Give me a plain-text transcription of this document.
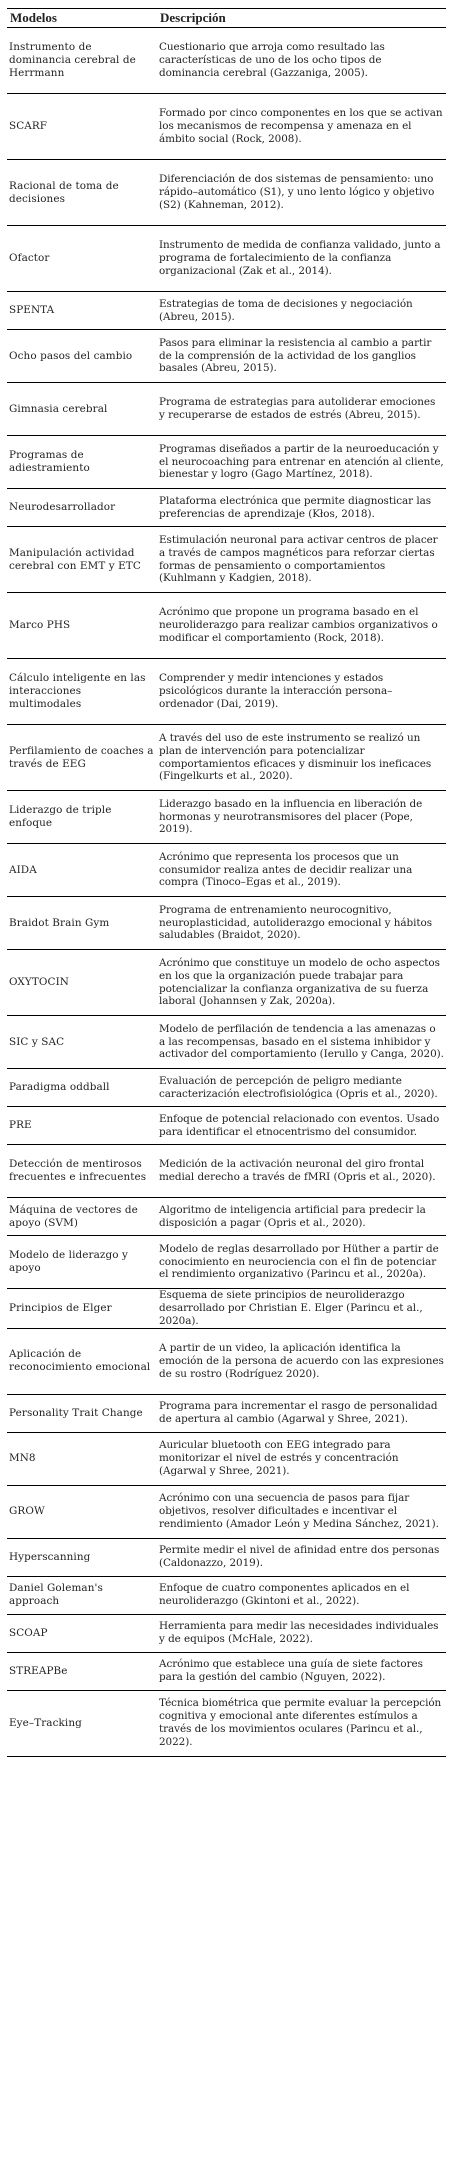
Modelos	Descripción
Instrumento de dominancia cerebral de Herrmann	Cuestionario que arroja como resultado las características de uno de los ocho tipos de dominancia cerebral (Gazzaniga, 2005).
SCARF	Formado por cinco componentes en los que se activan los mecanismos de recompensa y amenaza en el ámbito social (Rock, 2008).
Racional de toma de decisiones	Diferenciación de dos sistemas de pensamiento: uno rápido–automático (S1), y uno lento lógico y objetivo (S2) (Kahneman, 2012).
Ofactor	Instrumento de medida de confianza validado, junto a programa de fortalecimiento de la confianza organizacional (Zak et al., 2014).
SPENTA	Estrategias de toma de decisiones y negociación (Abreu, 2015).
Ocho pasos del cambio	Pasos para eliminar la resistencia al cambio a partir de la comprensión de la actividad de los ganglios basales (Abreu, 2015).
Gimnasia cerebral	Programa de estrategias para autoliderar emociones y recuperarse de estados de estrés (Abreu, 2015).
Programas de adiestramiento	Programas diseñados a partir de la neuroeducación y el neurocoaching para entrenar en atención al cliente, bienestar y logro (Gago Martínez, 2018).
Neurodesarrollador	Plataforma electrónica que permite diagnosticar las preferencias de aprendizaje (Kłos, 2018).
Manipulación actividad cerebral con EMT y ETC	Estimulación neuronal para activar centros de placer a través de campos magnéticos para reforzar ciertas formas de pensamiento o comportamientos (Kuhlmann y Kadgien, 2018).
Marco PHS	Acrónimo que propone un programa basado en el neuroliderazgo para realizar cambios organizativos o modificar el comportamiento (Rock, 2018).
Cálculo inteligente en las interacciones multimodales	Comprender y medir intenciones y estados psicológicos durante la interacción persona–ordenador (Dai, 2019).
Perfilamiento de coaches a través de EEG	A través del uso de este instrumento se realizó un plan de intervención para potencializar comportamientos eficaces y disminuir los ineficaces (Fingelkurts et al., 2020).
Liderazgo de triple enfoque	Liderazgo basado en la influencia en liberación de hormonas y neurotransmisores del placer (Pope, 2019).
AIDA	Acrónimo que representa los procesos que un consumidor realiza antes de decidir realizar una compra (Tinoco–Egas et al., 2019).
Braidot Brain Gym	Programa de entrenamiento neurocognitivo, neuroplasticidad, autoliderazgo emocional y hábitos saludables (Braidot, 2020).
OXYTOCIN	Acrónimo que constituye un modelo de ocho aspectos en los que la organización puede trabajar para potencializar la confianza organizativa de su fuerza laboral (Johannsen y Zak, 2020a).
SIC y SAC	Modelo de perfilación de tendencia a las amenazas o a las recompensas, basado en el sistema inhibidor y activador del comportamiento (Ierullo y Canga, 2020).
Paradigma oddball	Evaluación de percepción de peligro mediante caracterización electrofisiológica (Opris et al., 2020).
PRE	Enfoque de potencial relacionado con eventos. Usado para identificar el etnocentrismo del consumidor.
Detección de mentirosos frecuentes e infrecuentes	Medición de la activación neuronal del giro frontal medial derecho a través de fMRI (Opris et al., 2020).
Máquina de vectores de apoyo (SVM)	Algoritmo de inteligencia artificial para predecir la disposición a pagar (Opris et al., 2020).
Modelo de liderazgo y apoyo	Modelo de reglas desarrollado por Hüther a partir de conocimiento en neurociencia con el fin de potenciar el rendimiento organizativo (Parincu et al., 2020a).
Principios de Elger	Esquema de siete principios de neuroliderazgo desarrollado por Christian E. Elger (Parincu et al., 2020a).
Aplicación de reconocimiento emocional	A partir de un video, la aplicación identifica la emoción de la persona de acuerdo con las expresiones de su rostro (Rodríguez 2020).
Personality Trait Change	Programa para incrementar el rasgo de personalidad de apertura al cambio (Agarwal y Shree, 2021).
MN8	Auricular bluetooth con EEG integrado para monitorizar el nivel de estrés y concentración (Agarwal y Shree, 2021).
GROW	Acrónimo con una secuencia de pasos para fijar objetivos, resolver dificultades e incentivar el rendimiento (Amador León y Medina Sánchez, 2021).
Hyperscanning	Permite medir el nivel de afinidad entre dos personas (Caldonazzo, 2019).
Daniel Goleman's approach	Enfoque de cuatro componentes aplicados en el neuroliderazgo (Gkintoni et al., 2022).
SCOAP	Herramienta para medir las necesidades individuales y de equipos (McHale, 2022).
STREAPBe	Acrónimo que establece una guía de siete factores para la gestión del cambio (Nguyen, 2022).
Eye–Tracking	Técnica biométrica que permite evaluar la percepción cognitiva y emocional ante diferentes estímulos a través de los movimientos oculares (Parincu et al., 2022).
